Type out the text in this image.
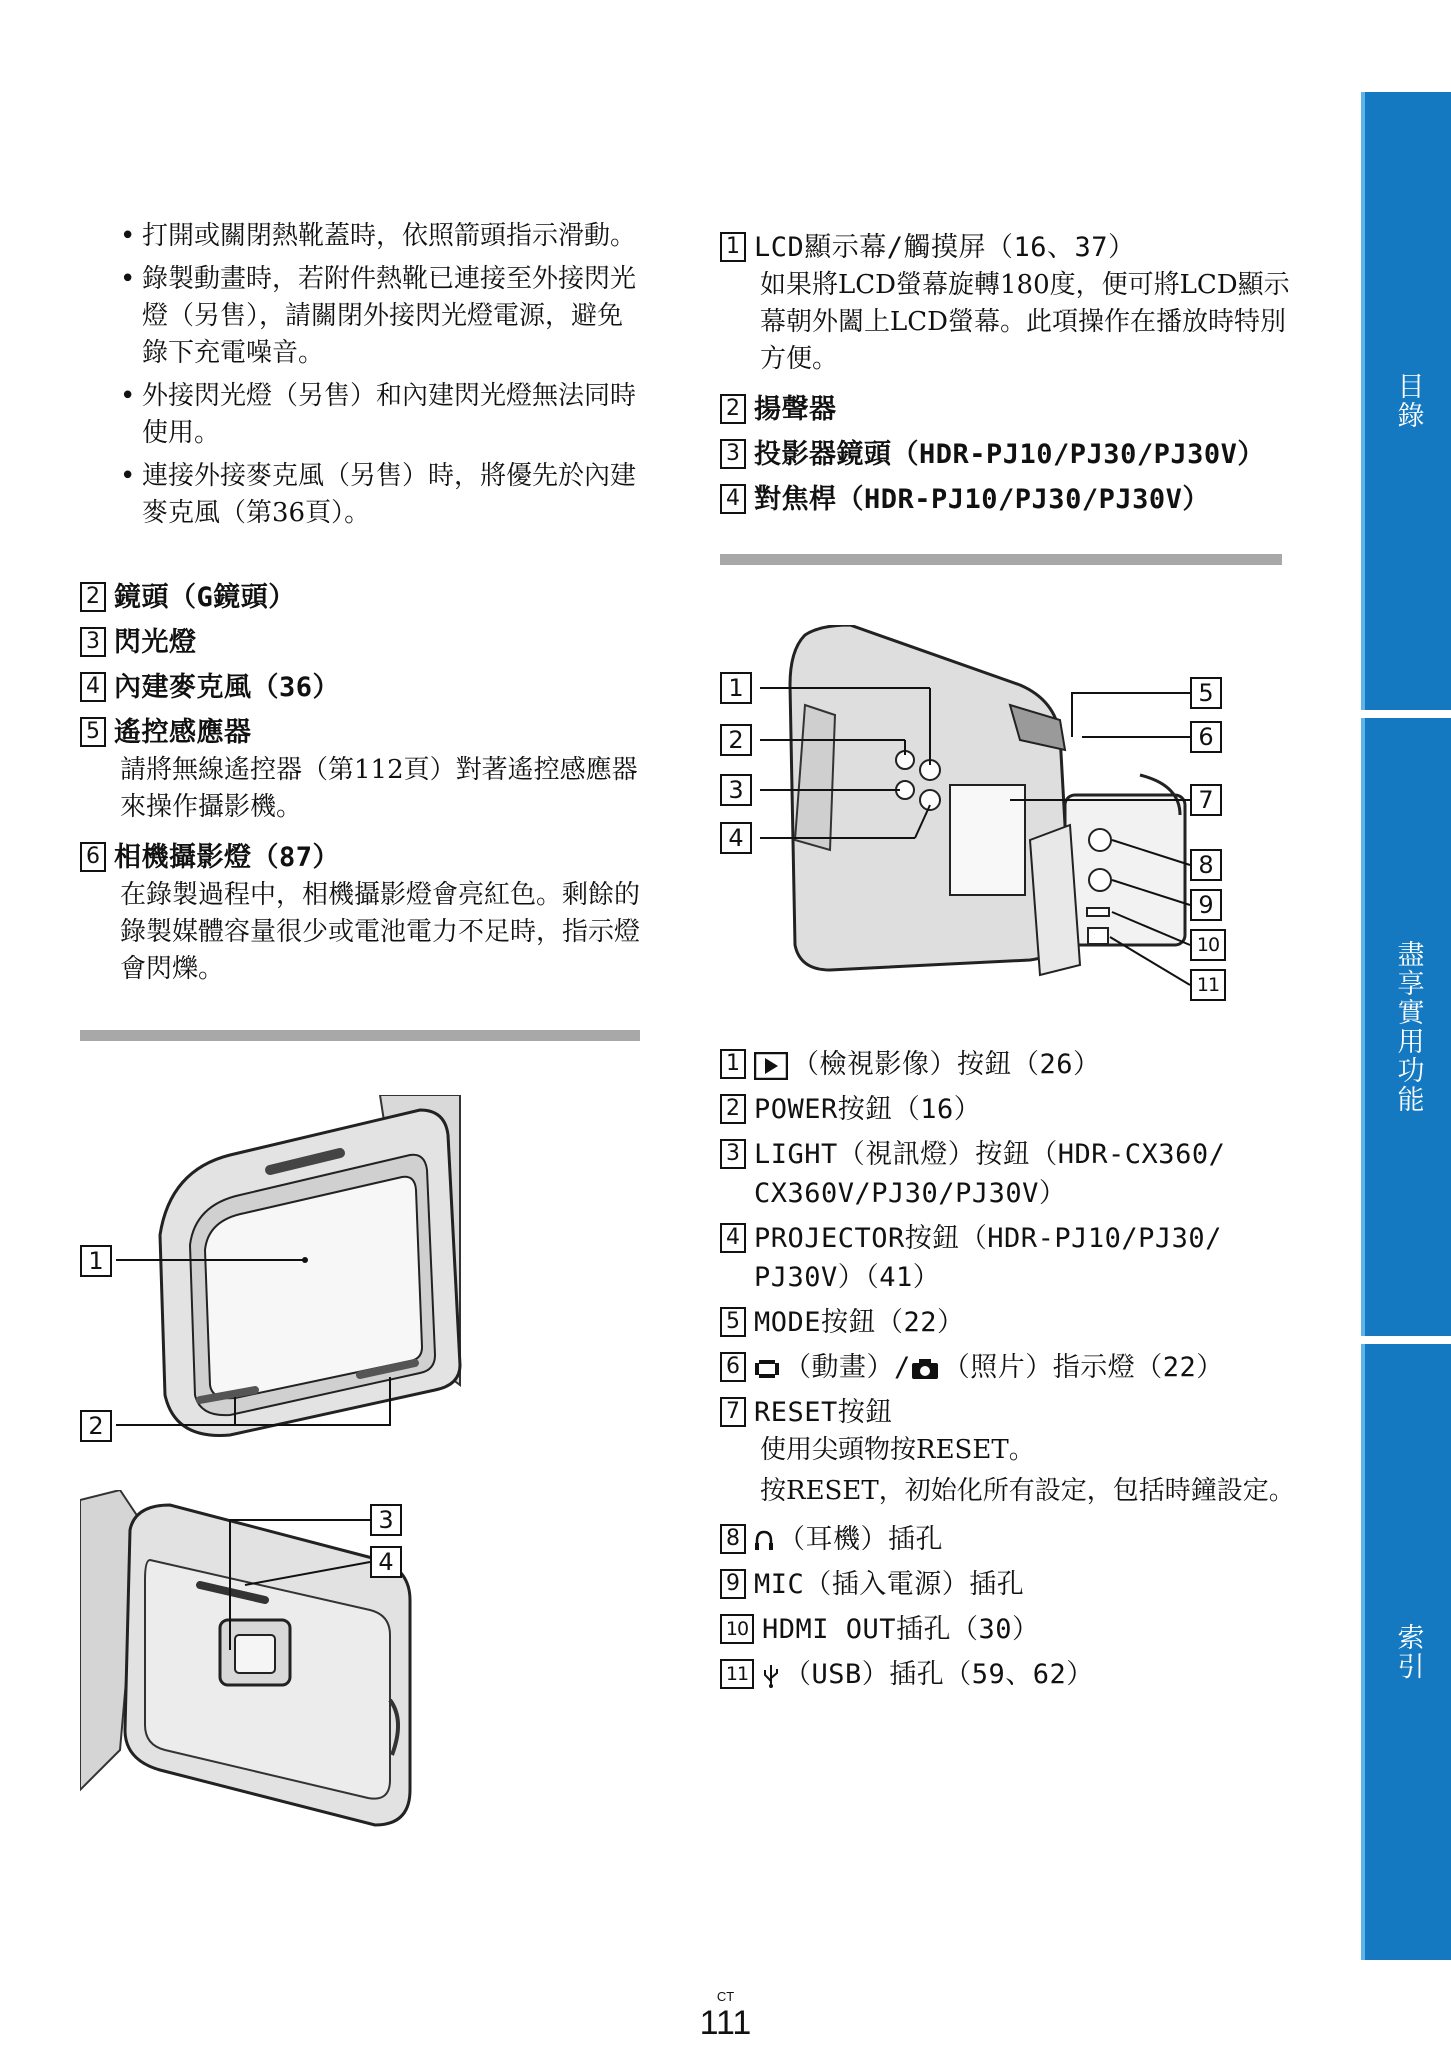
• 打開或關閉熱靴蓋時，依照箭頭指示滑動。
• 錄製動畫時，若附件熱靴已連接至外接閃光燈（另售），請關閉外接閃光燈電源，避免錄下充電噪音。
• 外接閃光燈（另售）和內建閃光燈無法同時使用。
• 連接外接麥克風（另售）時，將優先於內建麥克風（第36頁）。
2 鏡頭（G鏡頭）
3 閃光燈
4 內建麥克風（36）
5 遙控感應器
請將無線遙控器（第112頁）對著遙控感應器來操作攝影機。
6 相機攝影燈（87）
在錄製過程中，相機攝影燈會亮紅色。剩餘的錄製媒體容量很少或電池電力不足時，指示燈會閃爍。
1
2
3
4
1 LCD顯示幕/觸摸屏（16、37）
如果將LCD螢幕旋轉180度，便可將LCD顯示幕朝外闔上LCD螢幕。此項操作在播放時特別方便。
2 揚聲器
3 投影器鏡頭（HDR-PJ10/PJ30/PJ30V）
4 對焦桿（HDR-PJ10/PJ30/PJ30V）
1
2
3
4
5
6
7
8
9
10
11
1	（檢視影像）按鈕（26）
2 POWER按鈕（16）
3 LIGHT（視訊燈）按鈕（HDR-CX360/
CX360V/PJ30/PJ30V）
4 PROJECTOR按鈕（HDR-PJ10/PJ30/
PJ30V）（41）
5 MODE按鈕（22）
6	（動畫）/ （照片）指示燈（22）
7 RESET按鈕
使用尖頭物按RESET。
按RESET，初始化所有設定，包括時鐘設定。
8	（耳機）插孔
9 MIC（插入電源）插孔
10 HDMI OUT插孔（30）
11	（USB）插孔（59、62）
目錄
盡享實用功能
索引
CT
111
